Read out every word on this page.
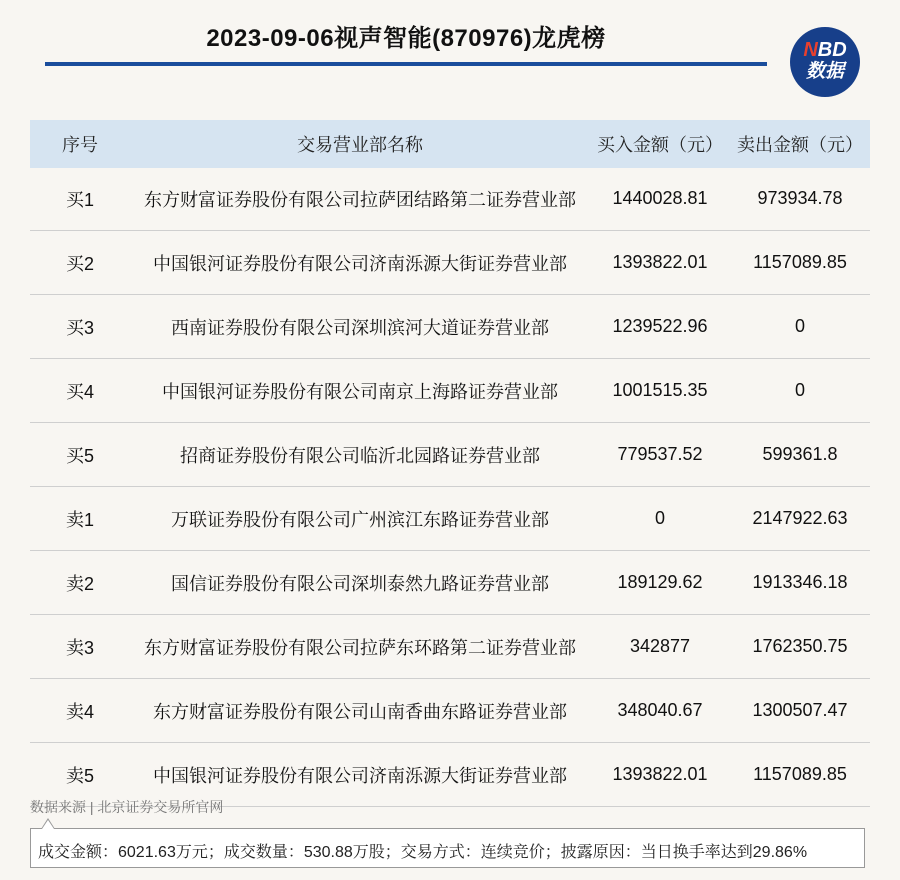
2023-09-06视声智能(870976)龙虎榜	NBD
数据
序号	交易营业部名称	买入金额（元）	卖出金额（元）
买1	东方财富证券股份有限公司拉萨团结路第二证券营业部	1440028.81	973934.78
买2	中国银河证券股份有限公司济南泺源大街证券营业部	1393822.01	1157089.85
买3	西南证券股份有限公司深圳滨河大道证券营业部	1239522.96	0
买4	中国银河证券股份有限公司南京上海路证券营业部	1001515.35	0
买5	招商证券股份有限公司临沂北园路证券营业部	779537.52	599361.8
卖1	万联证券股份有限公司广州滨江东路证券营业部	0	2147922.63
卖2	国信证券股份有限公司深圳泰然九路证券营业部	189129.62	1913346.18
卖3	东方财富证券股份有限公司拉萨东环路第二证券营业部	342877	1762350.75
卖4	东方财富证券股份有限公司山南香曲东路证券营业部	348040.67	1300507.47
卖5	中国银河证券股份有限公司济南泺源大街证券营业部	1393822.01	1157089.85
数据来源 | 北京证券交易所官网
成交金额：6021.63万元；成交数量：530.88万股；交易方式：连续竞价；披露原因：当日换手率达到29.86%
